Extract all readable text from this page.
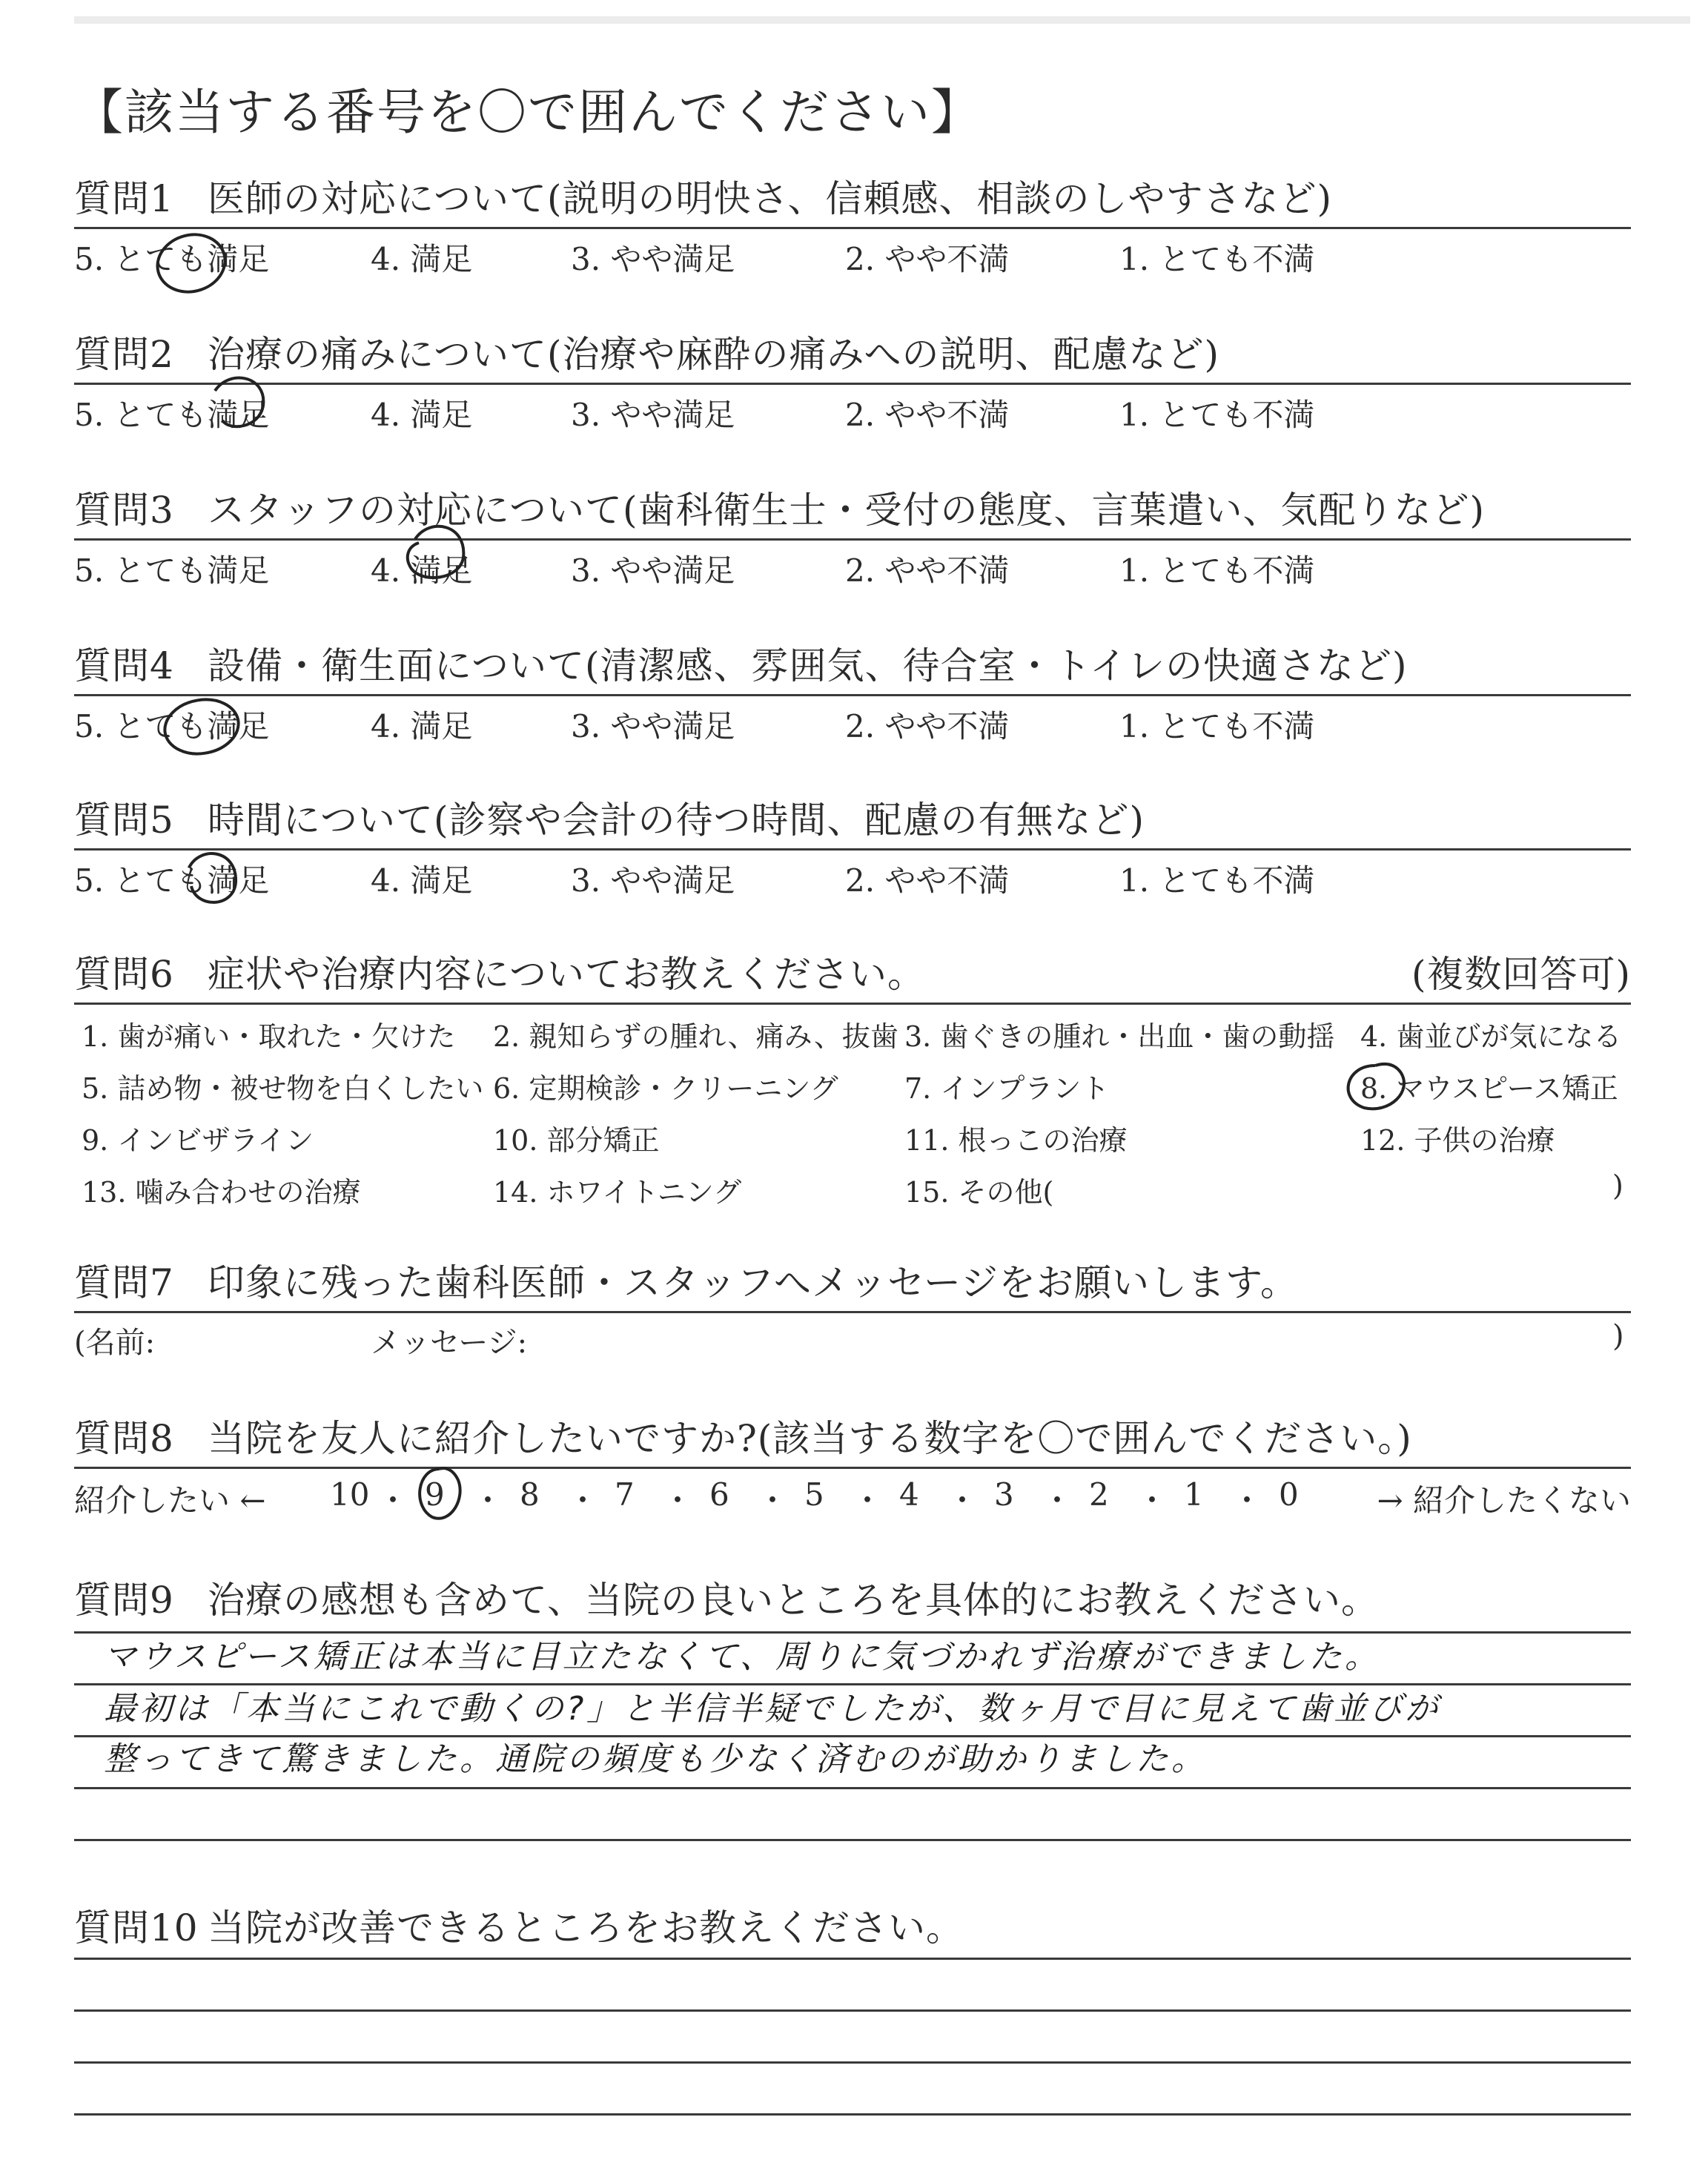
【該当する番号を〇で囲んでください】
質問1 医師の対応について(説明の明快さ、信頼感、相談のしやすさなど)
5. とても満足	4. 満足	3. やや満足	2. やや不満	1. とても不満
質問2 治療の痛みについて(治療や麻酔の痛みへの説明、配慮など)
5. とても満足	4. 満足	3. やや満足	2. やや不満	1. とても不満
質問3 スタッフの対応について(歯科衛生士・受付の態度、言葉遣い、気配りなど)
5. とても満足	4. 満足	3. やや満足	2. やや不満	1. とても不満
質問4 設備・衛生面について(清潔感、雰囲気、待合室・トイレの快適さなど)
5. とても満足	4. 満足	3. やや満足	2. やや不満	1. とても不満
質問5 時間について(診察や会計の待つ時間、配慮の有無など)
5. とても満足	4. 満足	3. やや満足	2. やや不満	1. とても不満
質問6 症状や治療内容についてお教えください。	(複数回答可)
1. 歯が痛い・取れた・欠けた 2. 親知らずの腫れ、痛み、抜歯 3. 歯ぐきの腫れ・出血・歯の動揺 4. 歯並びが気になる
5. 詰め物・被せ物を白くしたい 6. 定期検診・クリーニング 7. インプラント	8. マウスピース矯正
9. インビザライン	10. 部分矯正	11. 根っこの治療	12. 子供の治療
13. 噛み合わせの治療	14. ホワイトニング	15. その他(	)
質問7 印象に残った歯科医師・スタッフへメッセージをお願いします。
(名前:	メッセージ:	)
質問8 当院を友人に紹介したいですか?(該当する数字を〇で囲んでください。)
紹介したい ←	→ 紹介したくない
10 ・ 9 ・ 8 ・ 7 ・ 6 ・ 5 ・ 4 ・ 3 ・ 2 ・ 1 ・ 0
質問9 治療の感想も含めて、当院の良いところを具体的にお教えください。
マウスピース矯正は本当に目立たなくて、周りに気づかれず治療ができました。
最初は「本当にこれで動くの?」と半信半疑でしたが、数ヶ月で目に見えて歯並びが
整ってきて驚きました。通院の頻度も少なく済むのが助かりました。
質問10 当院が改善できるところをお教えください。
